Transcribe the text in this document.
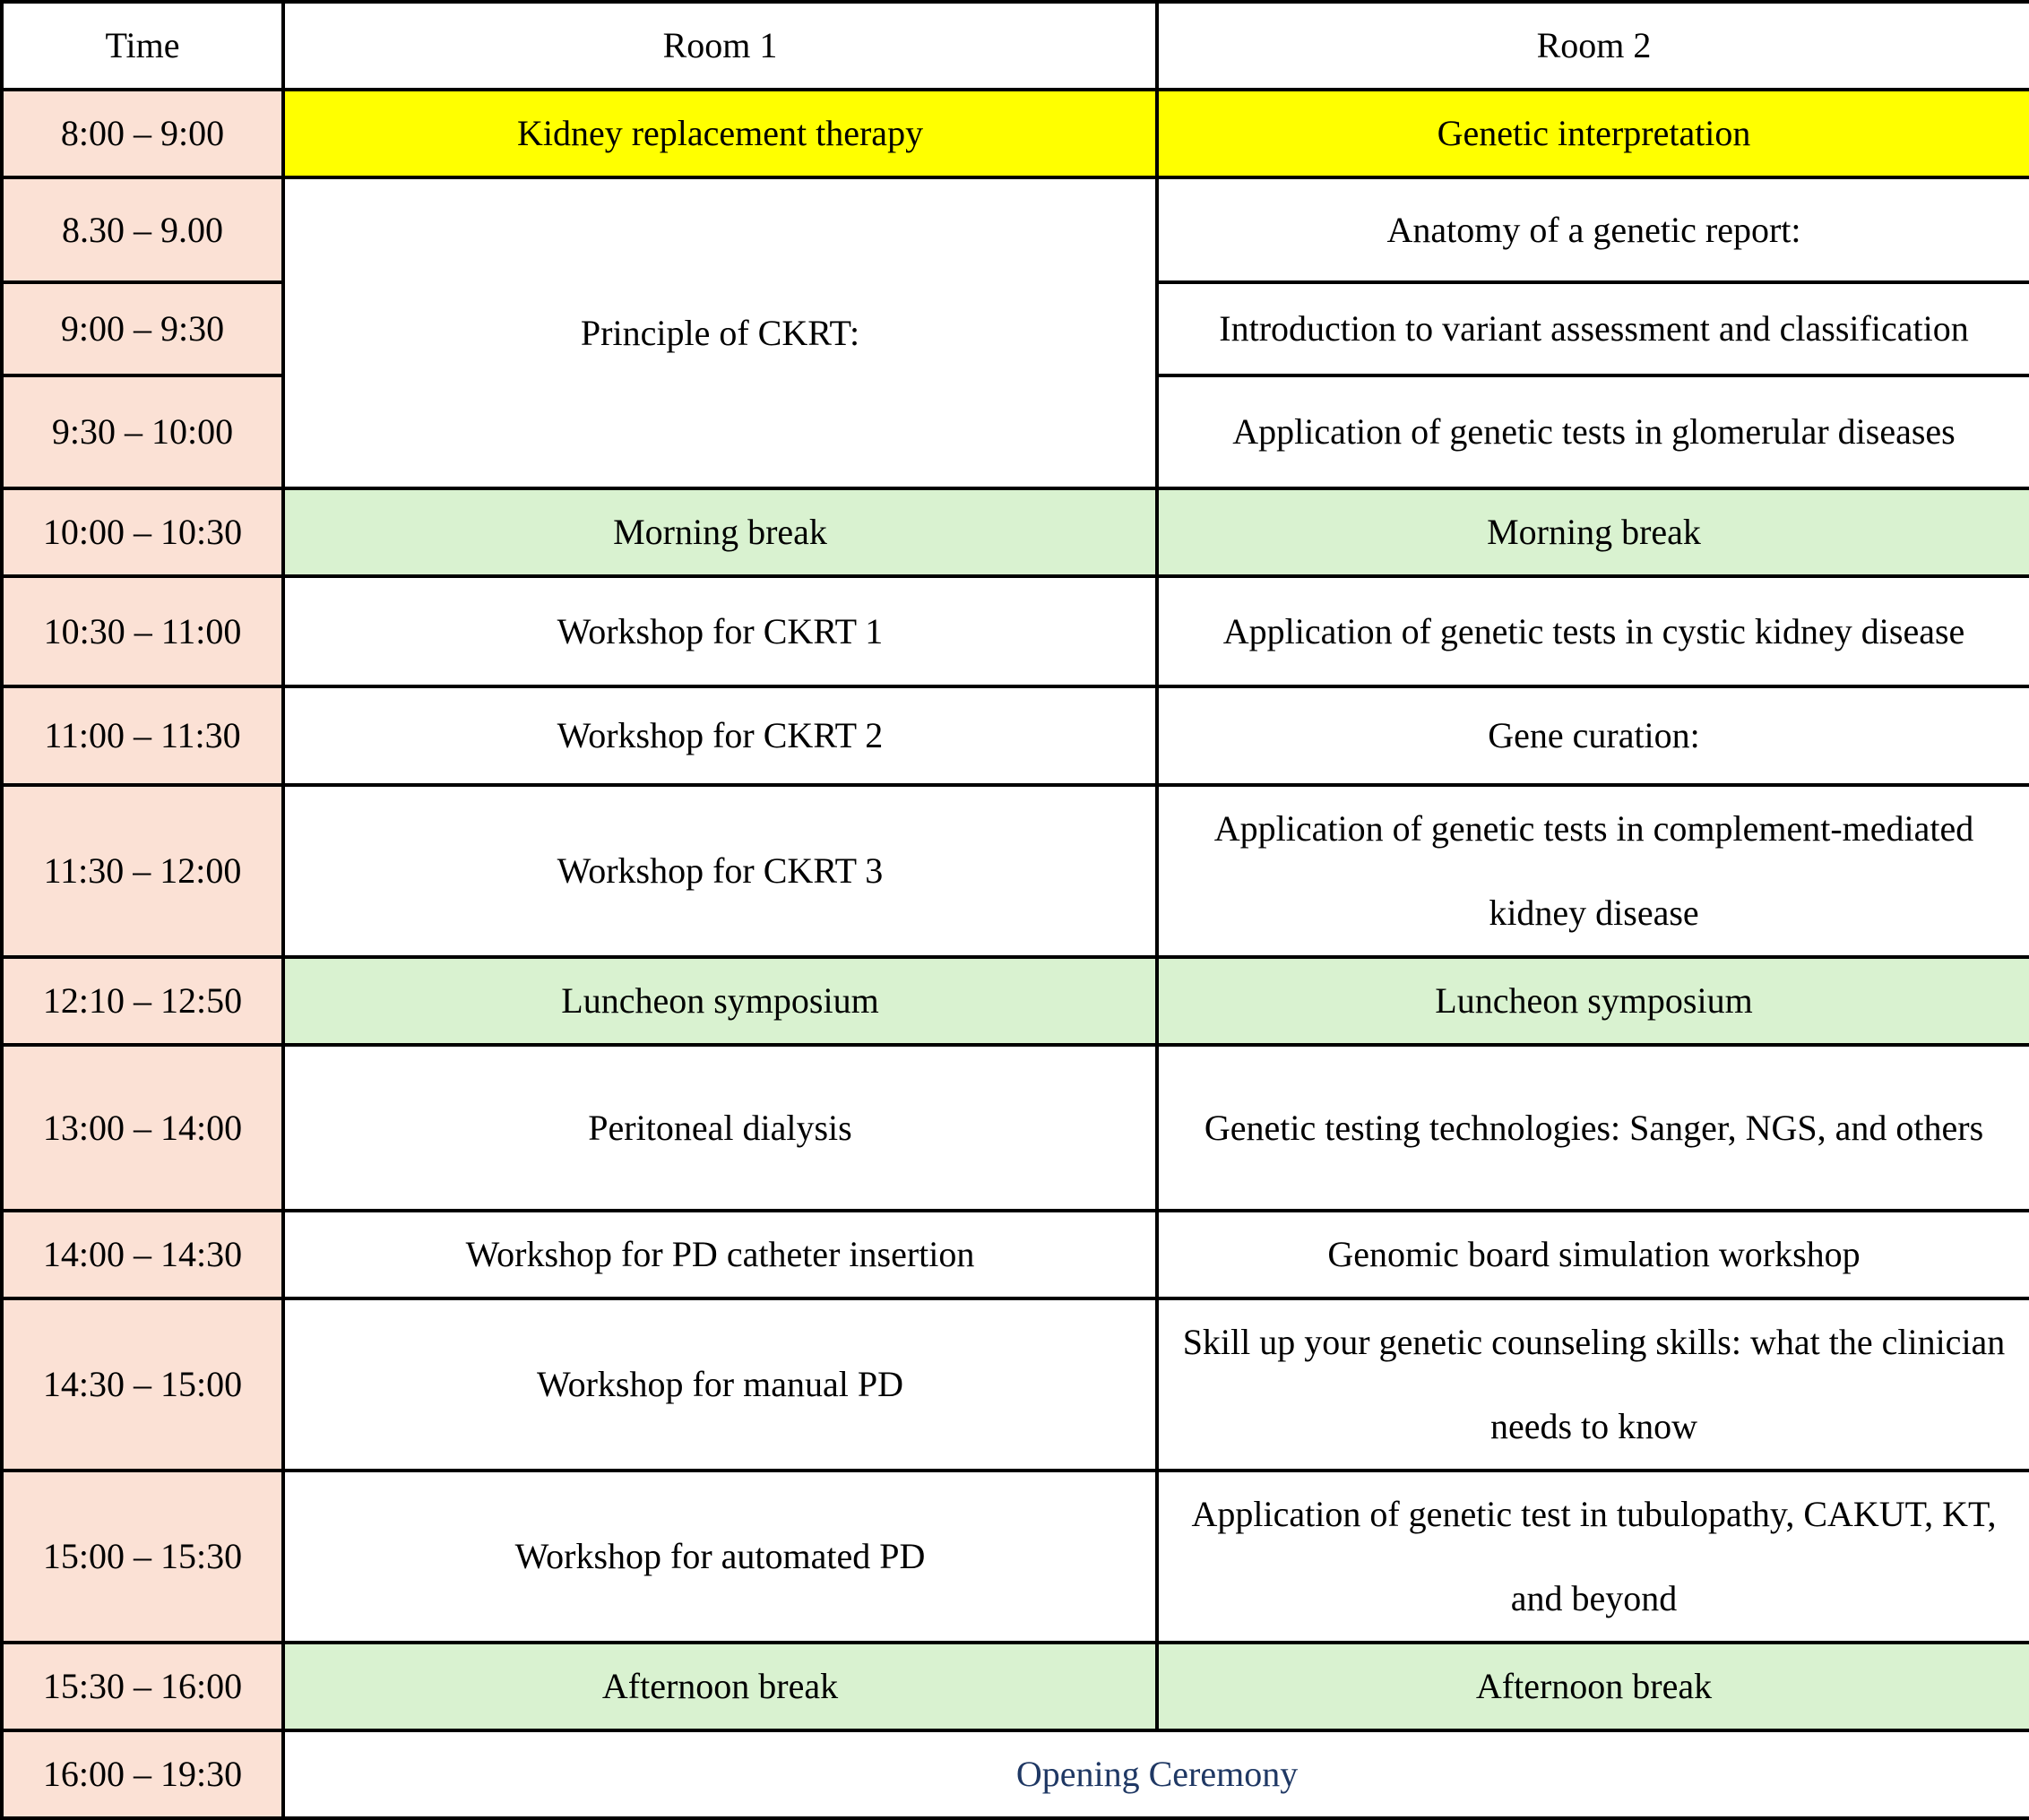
Time	Room 1	Room 2
8:00 – 9:00	Kidney replacement therapy	Genetic interpretation
8.30 – 9.00	Principle of CKRT:	Anatomy of a genetic report:
9:00 – 9:30		Introduction to variant assessment and classification
9:30 – 10:00		Application of genetic tests in glomerular diseases
10:00 – 10:30	Morning break	Morning break
10:30 – 11:00	Workshop for CKRT 1	Application of genetic tests in cystic kidney disease
11:00 – 11:30	Workshop for CKRT 2	Gene curation:
11:30 – 12:00	Workshop for CKRT 3	Application of genetic tests in complement-mediated kidney disease
12:10 – 12:50	Luncheon symposium	Luncheon symposium
13:00 – 14:00	Peritoneal dialysis	Genetic testing technologies: Sanger, NGS, and others
14:00 – 14:30	Workshop for PD catheter insertion	Genomic board simulation workshop
14:30 – 15:00	Workshop for manual PD	Skill up your genetic counseling skills: what the clinician needs to know
15:00 – 15:30	Workshop for automated PD	Application of genetic test in tubulopathy, CAKUT, KT, and beyond
15:30 – 16:00	Afternoon break	Afternoon break
16:00 – 19:30	Opening Ceremony	
